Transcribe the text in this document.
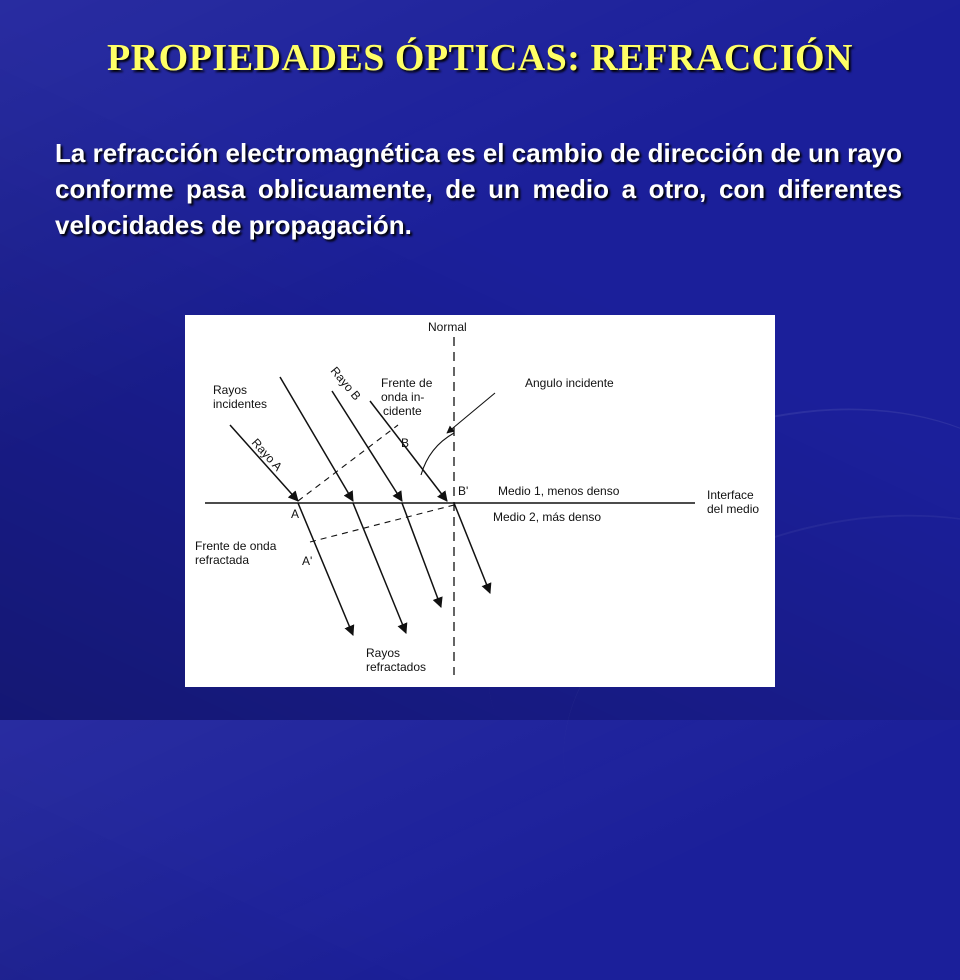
PROPIEDADES ÓPTICAS: REFRACCIÓN

La refracción electromagnética es el cambio de dirección de un rayo conforme pasa oblicuamente, de un medio a otro, con diferentes velocidades de propagación.

Normal
Rayos incidentes
Rayo B
Rayo A
Frente de onda in- cidente
Angulo incidente
B
B'
A
A'
Medio 1, menos denso
Medio 2, más denso
Interface del medio
Frente de onda refractada
Rayos refractados
